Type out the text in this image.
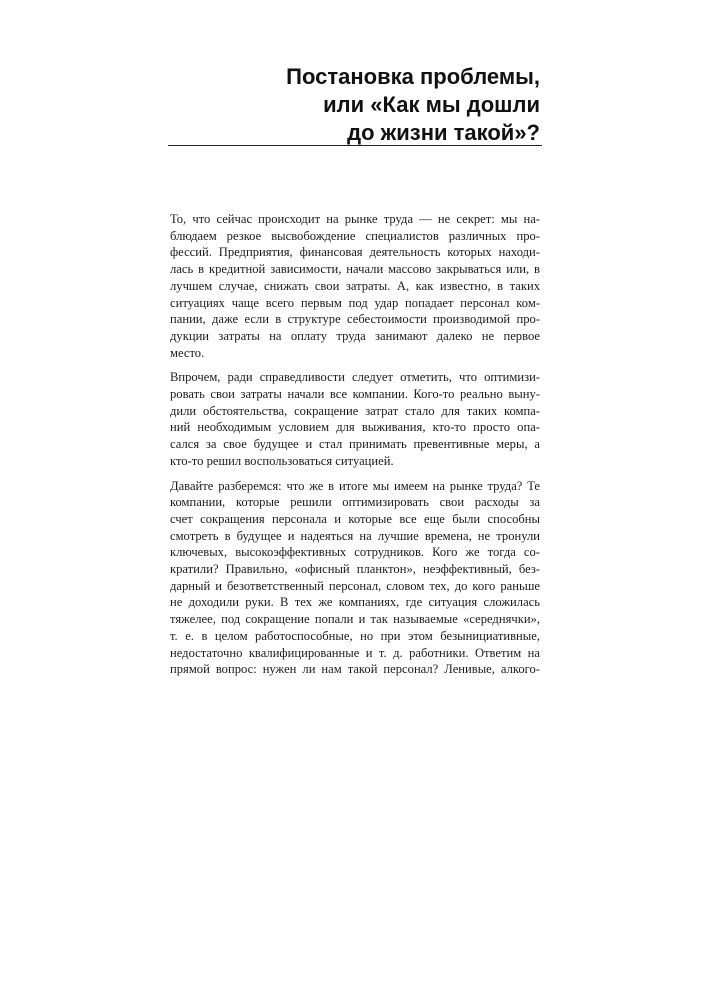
Постановка проблемы,
или «Как мы дошли
до жизни такой»?
То, что сейчас происходит на рынке труда — не секрет: мы на-
блюдаем резкое высвобождение специалистов различных про-
фессий. Предприятия, финансовая деятельность которых находи-
лась в кредитной зависимости, начали массово закрываться или, в
лучшем случае, снижать свои затраты. А, как известно, в таких
ситуациях чаще всего первым под удар попадает персонал ком-
пании, даже если в структуре себестоимости производимой про-
дукции затраты на оплату труда занимают далеко не первое
место.
Впрочем, ради справедливости следует отметить, что оптимизи-
ровать свои затраты начали все компании. Кого-то реально выну-
дили обстоятельства, сокращение затрат стало для таких компа-
ний необходимым условием для выживания, кто-то просто опа-
сался за свое будущее и стал принимать превентивные меры, а
кто-то решил воспользоваться ситуацией.
Давайте разберемся: что же в итоге мы имеем на рынке труда? Те
компании, которые решили оптимизировать свои расходы за
счет сокращения персонала и которые все еще были способны
смотреть в будущее и надеяться на лучшие времена, не тронули
ключевых, высокоэффективных сотрудников. Кого же тогда со-
кратили? Правильно, «офисный планктон», неэффективный, без-
дарный и безответственный персонал, словом тех, до кого раньше
не доходили руки. В тех же компаниях, где ситуация сложилась
тяжелее, под сокращение попали и так называемые «середнячки»,
т. е. в целом работоспособные, но при этом безынициативные,
недостаточно квалифицированные и т. д. работники. Ответим на
прямой вопрос: нужен ли нам такой персонал? Ленивые, алкого-
